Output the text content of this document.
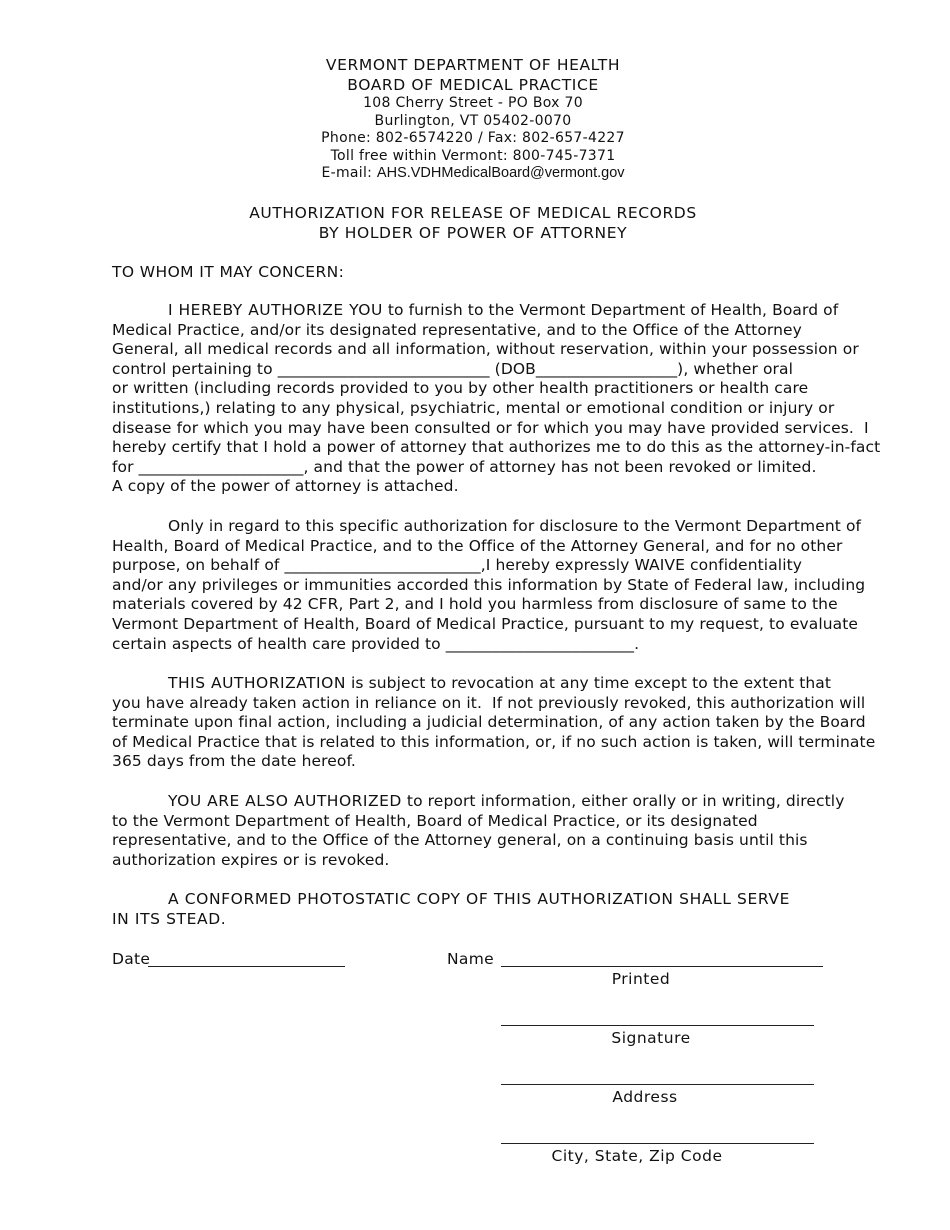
VERMONT DEPARTMENT OF HEALTH
BOARD OF MEDICAL PRACTICE
108 Cherry Street - PO Box 70
Burlington, VT 05402-0070
Phone: 802-6574220 / Fax: 802-657-4227
Toll free within Vermont: 800-745-7371
E-mail: AHS.VDHMedicalBoard@vermont.gov
AUTHORIZATION FOR RELEASE OF MEDICAL RECORDS
BY HOLDER OF POWER OF ATTORNEY
TO WHOM IT MAY CONCERN:
I HEREBY AUTHORIZE YOU to furnish to the Vermont Department of Health, Board of
Medical Practice, and/or its designated representative, and to the Office of the Attorney
General, all medical records and all information, without reservation, within your possession or
control pertaining to ___________________________ (DOB__________________), whether oral
or written (including records provided to you by other health practitioners or health care
institutions,) relating to any physical, psychiatric, mental or emotional condition or injury or
disease for which you may have been consulted or for which you may have provided services.  I
hereby certify that I hold a power of attorney that authorizes me to do this as the attorney-in-fact
for _____________________, and that the power of attorney has not been revoked or limited.
A copy of the power of attorney is attached.
Only in regard to this specific authorization for disclosure to the Vermont Department of
Health, Board of Medical Practice, and to the Office of the Attorney General, and for no other
purpose, on behalf of _________________________,I hereby expressly WAIVE confidentiality
and/or any privileges or immunities accorded this information by State of Federal law, including
materials covered by 42 CFR, Part 2, and I hold you harmless from disclosure of same to the
Vermont Department of Health, Board of Medical Practice, pursuant to my request, to evaluate
certain aspects of health care provided to ________________________.
THIS AUTHORIZATION is subject to revocation at any time except to the extent that
you have already taken action in reliance on it.  If not previously revoked, this authorization will
terminate upon final action, including a judicial determination, of any action taken by the Board
of Medical Practice that is related to this information, or, if no such action is taken, will terminate
365 days from the date hereof.
YOU ARE ALSO AUTHORIZED to report information, either orally or in writing, directly
to the Vermont Department of Health, Board of Medical Practice, or its designated
representative, and to the Office of the Attorney general, on a continuing basis until this
authorization expires or is revoked.
A CONFORMED PHOTOSTATIC COPY OF THIS AUTHORIZATION SHALL SERVE
IN ITS STEAD.
Date	Name
Printed
Signature
Address
City, State, Zip Code
